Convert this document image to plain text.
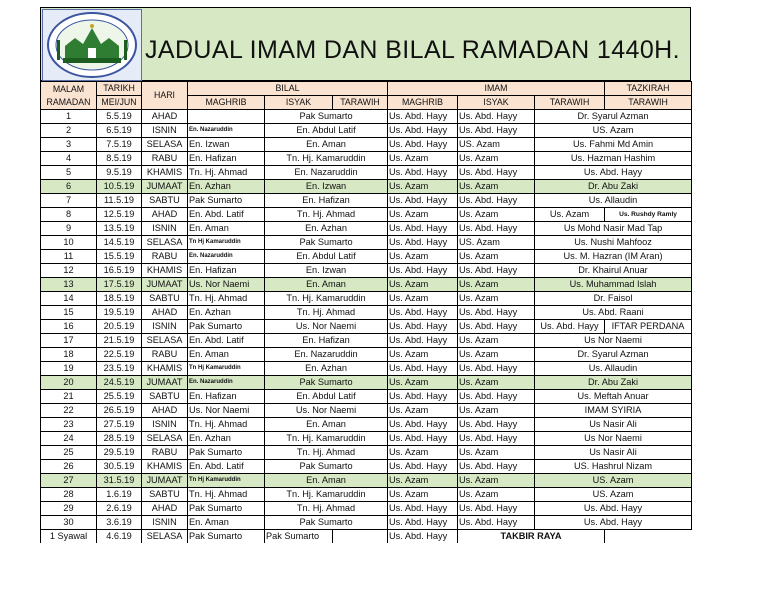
JADUAL IMAM DAN BILAL RAMADAN 1440H.
MALAM
RAMADAN	TARIKH	HARI	BILAL			IMAM			TAZKIRAH
	MEI/JUN		MAGHRIB	ISYAK	TARAWIH	MAGHRIB	ISYAK	TARAWIH	TARAWIH
1	5.5.19	AHAD		Pak Sumarto		Us. Abd. Hayy	Us. Abd. Hayy	Dr. Syarul Azman	
2	6.5.19	ISNIN	En. Nazaruddin	En. Abdul Latif		Us. Abd. Hayy	Us. Abd. Hayy	US. Azam	
3	7.5.19	SELASA	En. Izwan	En. Aman		Us. Abd. Hayy	US. Azam	Us. Fahmi Md Amin	
4	8.5.19	RABU	En. Hafizan	Tn. Hj. Kamaruddin		Us. Azam	Us. Azam	Us. Hazman Hashim	
5	9.5.19	KHAMIS	Tn. Hj. Ahmad	En. Nazaruddin		Us. Abd. Hayy	Us. Abd. Hayy	Us. Abd. Hayy	
6	10.5.19	JUMAAT	En. Azhan	En. Izwan		Us. Azam	Us. Azam	Dr. Abu Zaki	
7	11.5.19	SABTU	Pak Sumarto	En. Hafizan		Us. Abd. Hayy	Us. Abd. Hayy	Us. Allaudin	
8	12.5.19	AHAD	En. Abd. Latif	Tn. Hj. Ahmad		Us. Azam	Us. Azam	Us. Azam	Us. Rushdy Ramly
9	13.5.19	ISNIN	En. Aman	En. Azhan		Us. Abd. Hayy	Us. Abd. Hayy	Us Mohd Nasir Mad Tap	
10	14.5.19	SELASA	Tn Hj Kamaruddin	Pak Sumarto		Us. Abd. Hayy	US. Azam	Us. Nushi Mahfooz	
11	15.5.19	RABU	En. Nazaruddin	En. Abdul Latif		Us. Azam	Us. Azam	Us. M. Hazran (IM Aran)	
12	16.5.19	KHAMIS	En. Hafizan	En. Izwan		Us. Abd. Hayy	Us. Abd. Hayy	Dr. Khairul Anuar	
13	17.5.19	JUMAAT	Us. Nor Naemi	En. Aman		Us. Azam	Us. Azam	Us. Muhammad Islah	
14	18.5.19	SABTU	Tn. Hj. Ahmad	Tn. Hj. Kamaruddin		Us. Azam	Us. Azam	Dr. Faisol	
15	19.5.19	AHAD	En. Azhan	Tn. Hj. Ahmad		Us. Abd. Hayy	Us. Abd. Hayy	Us. Abd. Raani	
16	20.5.19	ISNIN	Pak Sumarto	Us. Nor Naemi		Us. Abd. Hayy	Us. Abd. Hayy	Us. Abd. Hayy	IFTAR PERDANA
17	21.5.19	SELASA	En. Abd. Latif	En. Hafizan		Us. Abd. Hayy	Us. Azam	Us Nor Naemi	
18	22.5.19	RABU	En. Aman	En. Nazaruddin		Us. Azam	Us. Azam	Dr. Syarul Azman	
19	23.5.19	KHAMIS	Tn Hj Kamaruddin	En. Azhan		Us. Abd. Hayy	Us. Abd. Hayy	Us. Allaudin	
20	24.5.19	JUMAAT	En. Nazaruddin	Pak Sumarto		Us. Azam	Us. Azam	Dr. Abu Zaki	
21	25.5.19	SABTU	En. Hafizan	En. Abdul Latif		Us. Abd. Hayy	Us. Abd. Hayy	Us. Meftah Anuar	
22	26.5.19	AHAD	Us. Nor Naemi	Us. Nor Naemi		Us. Azam	Us. Azam	IMAM SYIRIA	
23	27.5.19	ISNIN	Tn. Hj. Ahmad	En. Aman		Us. Abd. Hayy	Us. Abd. Hayy	Us Nasir Ali	
24	28.5.19	SELASA	En. Azhan	Tn. Hj. Kamaruddin		Us. Abd. Hayy	Us. Abd. Hayy	Us Nor Naemi	
25	29.5.19	RABU	Pak Sumarto	Tn. Hj. Ahmad		Us. Azam	Us. Azam	Us Nasir Ali	
26	30.5.19	KHAMIS	En. Abd. Latif	Pak Sumarto		Us. Abd. Hayy	Us. Abd. Hayy	US. Hashrul Nizam	
27	31.5.19	JUMAAT	Tn Hj Kamaruddin	En. Aman		Us. Azam	Us. Azam	US. Azam	
28	1.6.19	SABTU	Tn. Hj. Ahmad	Tn. Hj. Kamaruddin		Us. Azam	Us. Azam	US. Azam	
29	2.6.19	AHAD	Pak Sumarto	Tn. Hj. Ahmad		Us. Abd. Hayy	Us. Abd. Hayy	Us. Abd. Hayy	
30	3.6.19	ISNIN	En. Aman	Pak Sumarto		Us. Abd. Hayy	Us. Abd. Hayy	Us. Abd. Hayy	
1 Syawal	4.6.19	SELASA	Pak Sumarto	Pak Sumarto		Us. Abd. Hayy	TAKBIR RAYA		
